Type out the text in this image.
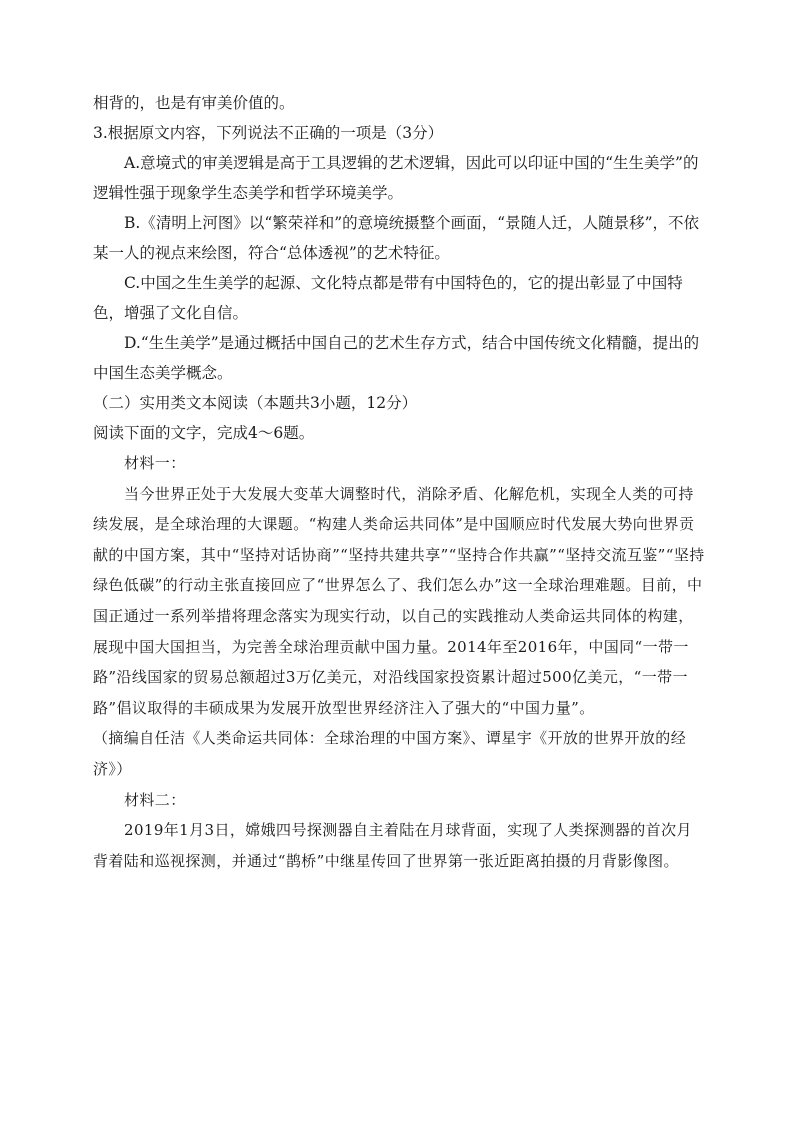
相背的，也是有审美价值的。
3.根据原文内容，下列说法不正确的一项是（3分）
A.意境式的审美逻辑是高于工具逻辑的艺术逻辑，因此可以印证中国的“生生美学”的逻辑性强于现象学生态美学和哲学环境美学。
B.《清明上河图》以“繁荣祥和”的意境统摄整个画面，“景随人迁，人随景移”，不依某一人的视点来绘图，符合“总体透视”的艺术特征。
C.中国之生生美学的起源、文化特点都是带有中国特色的，它的提出彰显了中国特色，增强了文化自信。
D.“生生美学”是通过概括中国自己的艺术生存方式，结合中国传统文化精髓，提出的中国生态美学概念。
（二）实用类文本阅读（本题共3小题，12分）
阅读下面的文字，完成4～6题。
材料一：
当今世界正处于大发展大变革大调整时代，消除矛盾、化解危机，实现全人类的可持续发展，是全球治理的大课题。“构建人类命运共同体”是中国顺应时代发展大势向世界贡献的中国方案，其中“坚持对话协商”“坚持共建共享”“坚持合作共赢”“坚持交流互鉴”“坚持绿色低碳”的行动主张直接回应了“世界怎么了、我们怎么办”这一全球治理难题。目前，中国正通过一系列举措将理念落实为现实行动，以自己的实践推动人类命运共同体的构建，展现中国大国担当，为完善全球治理贡献中国力量。2014年至2016年，中国同“一带一路”沿线国家的贸易总额超过3万亿美元，对沿线国家投资累计超过500亿美元，“一带一路”倡议取得的丰硕成果为发展开放型世界经济注入了强大的“中国力量”。
（摘编自任洁《人类命运共同体：全球治理的中国方案》、谭星宇《开放的世界开放的经济》）
材料二：
2019年1月3日，嫦娥四号探测器自主着陆在月球背面，实现了人类探测器的首次月背着陆和巡视探测，并通过“鹊桥”中继星传回了世界第一张近距离拍摄的月背影像图。
